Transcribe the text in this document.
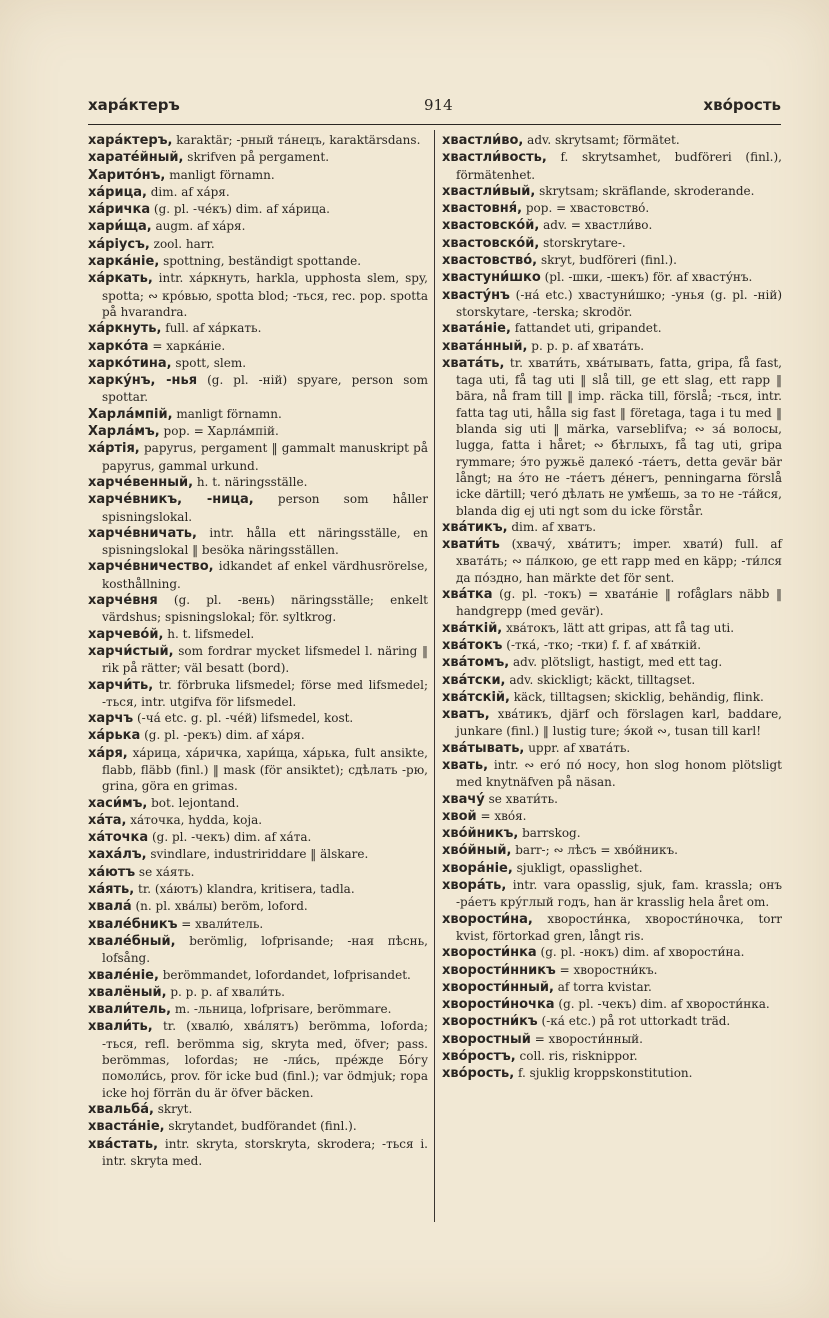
хара́ктеръ	914	хво́рость
хара́ктеръ, karaktär; -рный та́нецъ, karaktärsdans.
харате́йный, skrifven på pergament.
Харито́нъ, manligt förnamn.
ха́рица, dim. af ха́ря.
ха́ричка (g. pl. -че́къ) dim. af ха́рица.
хари́ща, augm. af ха́ря.
ха́ріусъ, zool. harr.
харка́ніе, spottning, beständigt spottande.
ха́ркать, intr. ха́ркнуть, harkla, upphosta slem, spy, spotta; ∾ кро́вью, spotta blod; -ться, rec. pop. spotta på hvarandra.
ха́ркнуть, full. af ха́ркать.
харко́та = харка́ніе.
харко́тина, spott, slem.
харку́нъ, -нья (g. pl. -ній) spyare, person som spottar.
Харла́мпій, manligt förnamn.
Харла́мъ, pop. = Харла́мпій.
ха́ртія, papyrus, pergament ‖ gammalt manuskript på papyrus, gammal urkund.
харче́венный, h. t. näringsställe.
харче́вникъ, -ница, person som håller spisningslokal.
харче́вничать, intr. hålla ett näringsställe, en spisningslokal ‖ besöka näringsställen.
харче́вничество, idkandet af enkel värdhusrörelse, kosthållning.
харче́вня (g. pl. -вень) näringsställe; enkelt värdshus; spisningslokal; för. syltkrog.
харчево́й, h. t. lifsmedel.
харчи́стый, som fordrar mycket lifsmedel l. näring ‖ rik på rätter; väl besatt (bord).
харчи́ть, tr. förbruka lifsmedel; förse med lifsmedel; -ться, intr. utgifva för lifsmedel.
харчъ (-ча́ etc. g. pl. -че́й) lifsmedel, kost.
ха́рька (g. pl. -рекъ) dim. af ха́ря.
ха́ря, ха́рица, ха́ричка, хари́ща, ха́рька, fult ansikte, flabb, fläbb (finl.) ‖ mask (för ansiktet); сдѣлать -рю, grina, göra en grimas.
хаси́мъ, bot. lejontand.
ха́та, ха́точка, hydda, koja.
ха́точка (g. pl. -чекъ) dim. af ха́та.
хаха́лъ, svindlare, industririddare ‖ älskare.
ха́ютъ se ха́ять.
ха́ять, tr. (ха́ютъ) klandra, kritisera, tadla.
хвала́ (n. pl. хва́лы) beröm, loford.
хвале́бникъ = хвали́тель.
хвале́бный, berömlig, lofprisande; -ная пѣснь, lofsång.
хвале́ніе, berömmandet, lofordandet, lofprisandet.
хвалёный, p. p. p. af хвали́ть.
хвали́тель, m. -льница, lofprisare, berömmare.
хвали́ть, tr. (хвалю́, хва́лятъ) berömma, loforda; -ться, refl. berömma sig, skryta med, öfver; pass. berömmas, lofordas; не -ли́сь, пре́жде Бо́гу помоли́сь, prov. för icke bud (finl.); var ödmjuk; ropa icke hoj förrän du är öfver bäcken.
хвальба́, skryt.
хваста́ніе, skrytandet, budförandet (finl.).
хва́стать, intr. skryta, storskryta, skrodera; -ться i. intr. skryta med.
хвастли́во, adv. skrytsamt; förmätet.
хвастли́вость, f. skrytsamhet, budföreri (finl.), förmätenhet.
хвастли́вый, skrytsam; skräflande, skroderande.
хвастовня́, pop. = хвастовство́.
хвастовско́й, adv. = хвастли́во.
хвастовско́й, storskrytare-.
хвастовство́, skryt, budföreri (finl.).
хвастуни́шко (pl. -шки, -шекъ) för. af хвасту́нъ.
хвасту́нъ (-на́ etc.) хвастуни́шко; -унья (g. pl. -ній) storskytare, -terska; skrodör.
хвата́ніе, fattandet uti, gripandet.
хвата́нный, p. p. p. af хвата́ть.
хвата́ть, tr. хвати́ть, хва́тывать, fatta, gripa, få fast, taga uti, få tag uti ‖ slå till, ge ett slag, ett rapp ‖ bära, nå fram till ‖ imp. räcka till, förslå; -ться, intr. fatta tag uti, hålla sig fast ‖ företaga, taga i tu med ‖ blanda sig uti ‖ märka, varseblifva; ∾ за́ волосы, lugga, fatta i håret; ∾ бѣглыхъ, få tag uti, gripa rymmare; э́то ружьё далеко́ -та́етъ, detta gevär bär långt; на э́то не -та́етъ де́негъ, penningarna förslå icke därtill; чего́ дѣлать не умѣ́ешь, за то не -та́йся, blanda dig ej uti ngt som du icke förstår.
хва́тикъ, dim. af хватъ.
хвати́ть (хвачу́, хва́титъ; imper. хвати́) full. af хвата́ть; ∾ па́лкою, ge ett rapp med en käpp; -ти́лся да по́здно, han märkte det för sent.
хва́тка (g. pl. -токъ) = хвата́ніе ‖ rofåglars näbb ‖ handgrepp (med gevär).
хва́ткій, хва́токъ, lätt att gripas, att få tag uti.
хва́токъ (-тка́, -тко; -тки) f. f. af хва́ткій.
хва́томъ, adv. plötsligt, hastigt, med ett tag.
хва́тски, adv. skickligt; käckt, tilltagset.
хва́тскій, käck, tilltagsen; skicklig, behändig, flink.
хватъ, хва́тикъ, djärf och förslagen karl, baddare, junkare (finl.) ‖ lustig ture; э́кой ∾, tusan till karl!
хва́тывать, uppr. af хвата́ть.
хвать, intr. ∾ его́ по́ носу, hon slog honom plötsligt med knytnäfven på näsan.
хвачу́ se хвати́ть.
хвой = хво́я.
хво́йникъ, barrskog.
хво́йный, barr-; ∾ лѣсъ = хво́йникъ.
хвора́ніе, sjukligt, opasslighet.
хвора́ть, intr. vara opasslig, sjuk, fam. krassla; онъ -ра́етъ кру́глый годъ, han är krasslig hela året om.
хворости́на, хворости́нка, хворости́ночка, torr kvist, förtorkad gren, långt ris.
хворости́нка (g. pl. -нокъ) dim. af хворости́на.
хворости́нникъ = хворостни́къ.
хворости́нный, af torra kvistar.
хворости́ночка (g. pl. -чекъ) dim. af хворости́нка.
хворостни́къ (-ка́ etc.) på rot uttorkadt träd.
хворостный = хворости́нный.
хво́ростъ, coll. ris, risknippor.
хво́рость, f. sjuklig kroppskonstitution.
